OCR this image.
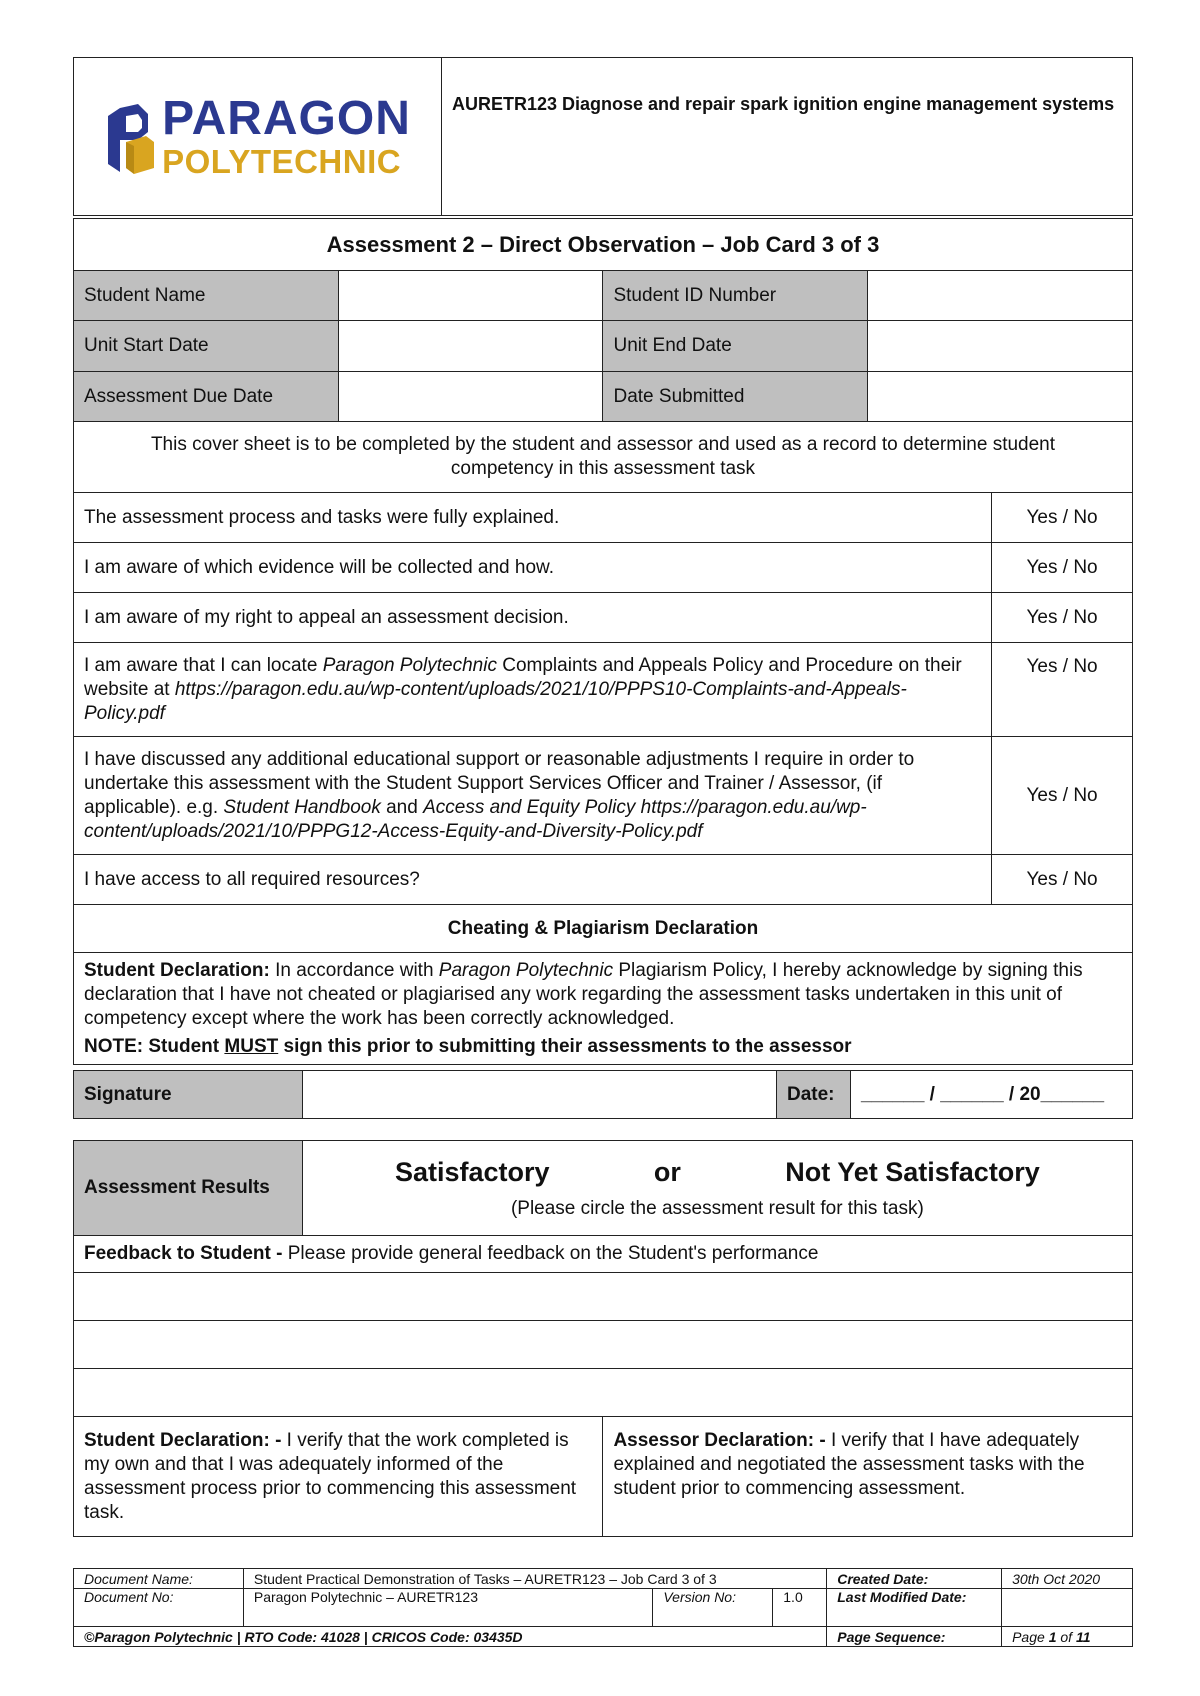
PARAGON
POLYTECHNIC
	AURETR123 Diagnose and repair spark ignition engine management systems
Assessment 2 – Direct Observation – Job Card 3 of 3				
Student Name		Student ID Number		
Unit Start Date		Unit End Date		
Assessment Due Date		Date Submitted		
This cover sheet is to be completed by the student and assessor and used as a record to determine student competency in this assessment task				
The assessment process and tasks were fully explained.				Yes / No
I am aware of which evidence will be collected and how.				Yes / No
I am aware of my right to appeal an assessment decision.				Yes / No
I am aware that I can locate Paragon Polytechnic Complaints and Appeals Policy and Procedure on their website at https://paragon.edu.au/wp-content/uploads/2021/10/PPPS10-Complaints-and-Appeals-Policy.pdf				Yes / No
I have discussed any additional educational support or reasonable adjustments I require in order to undertake this assessment with the Student Support Services Officer and Trainer / Assessor, (if applicable). e.g. Student Handbook and Access and Equity Policy https://paragon.edu.au/wp-content/uploads/2021/10/PPPG12-Access-Equity-and-Diversity-Policy.pdf				Yes / No
I have access to all required resources?				Yes / No
Cheating & Plagiarism Declaration				

Student Declaration: In accordance with Paragon Polytechnic Plagiarism Policy, I hereby acknowledge by signing this declaration that I have not cheated or plagiarised any work regarding the assessment tasks undertaken in this unit of competency except where the work has been correctly acknowledged.
NOTE: Student MUST sign this prior to submitting their assessments to the assessor				
Signature		Date:	______ / ______ / 20______
Assessment Results	Satisfactory or Not Yet Satisfactory
(Please circle the assessment result for this task)	

Feedback to Student - Please provide general feedback on the Student's performance		

Student Declaration: - I verify that the work completed is my own and that I was adequately informed of the assessment process prior to commencing this assessment task.		Assessor Declaration: - I verify that I have adequately explained and negotiated the assessment tasks with the student prior to commencing assessment.
Document Name:	Student Practical Demonstration of Tasks – AURETR123 – Job Card 3 of 3			Created Date:	30th Oct 2020
Document No:	Paragon Polytechnic – AURETR123	Version No:	1.0	Last Modified Date:	
©Paragon Polytechnic | RTO Code: 41028 | CRICOS Code: 03435D				Page Sequence:	Page 1 of 11
